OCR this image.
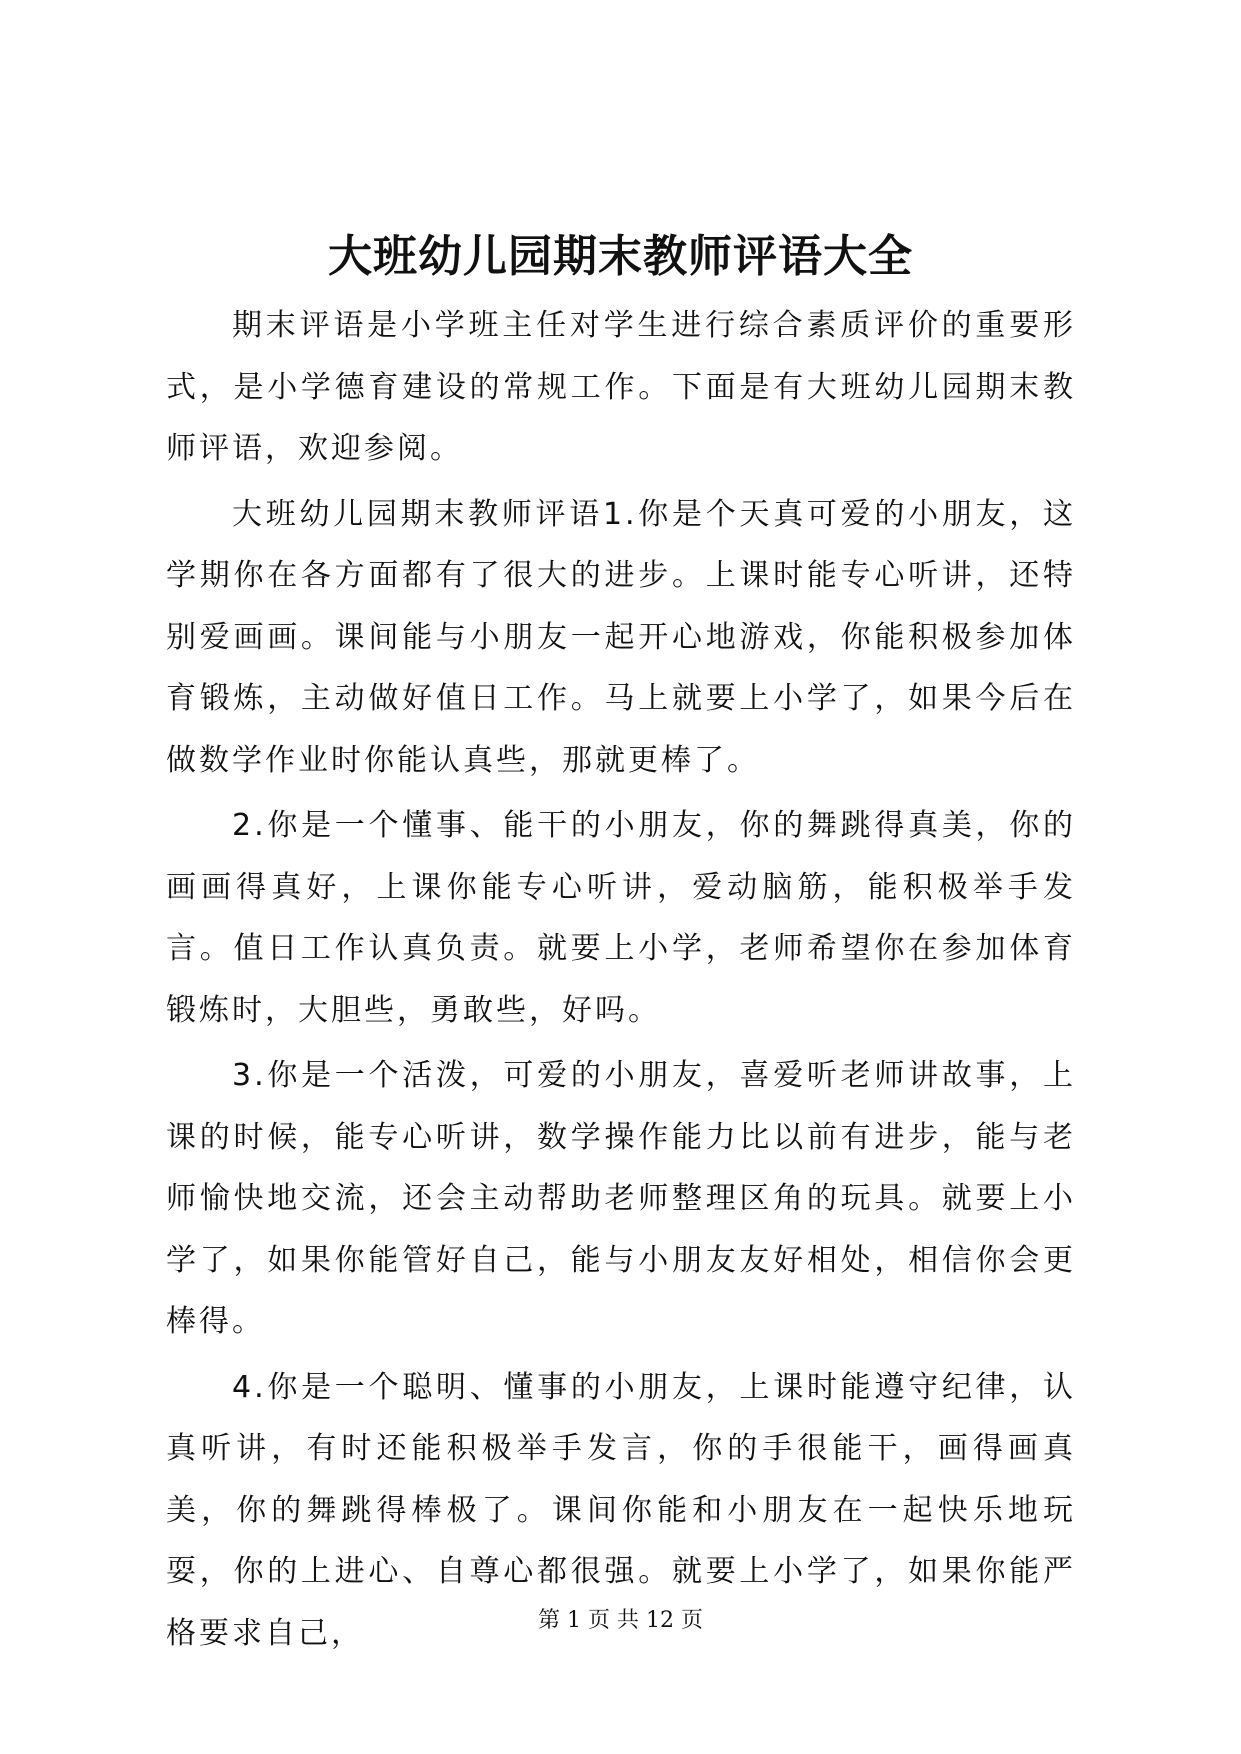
大班幼儿园期末教师评语大全

期末评语是小学班主任对学生进行综合素质评价的重要形式，是小学德育建设的常规工作。下面是有大班幼儿园期末教师评语，欢迎参阅。

大班幼儿园期末教师评语1.你是个天真可爱的小朋友，这学期你在各方面都有了很大的进步。上课时能专心听讲，还特别爱画画。课间能与小朋友一起开心地游戏，你能积极参加体育锻炼，主动做好值日工作。马上就要上小学了，如果今后在做数学作业时你能认真些，那就更棒了。

2.你是一个懂事、能干的小朋友，你的舞跳得真美，你的画画得真好，上课你能专心听讲，爱动脑筋，能积极举手发言。值日工作认真负责。就要上小学，老师希望你在参加体育锻炼时，大胆些，勇敢些，好吗。

3.你是一个活泼，可爱的小朋友，喜爱听老师讲故事，上课的时候，能专心听讲，数学操作能力比以前有进步，能与老师愉快地交流，还会主动帮助老师整理区角的玩具。就要上小学了，如果你能管好自己，能与小朋友友好相处，相信你会更棒得。

4.你是一个聪明、懂事的小朋友，上课时能遵守纪律，认真听讲，有时还能积极举手发言，你的手很能干，画得画真美，你的舞跳得棒极了。课间你能和小朋友在一起快乐地玩耍，你的上进心、自尊心都很强。就要上小学了，如果你能严格要求自己，	第 1 页 共 12 页
